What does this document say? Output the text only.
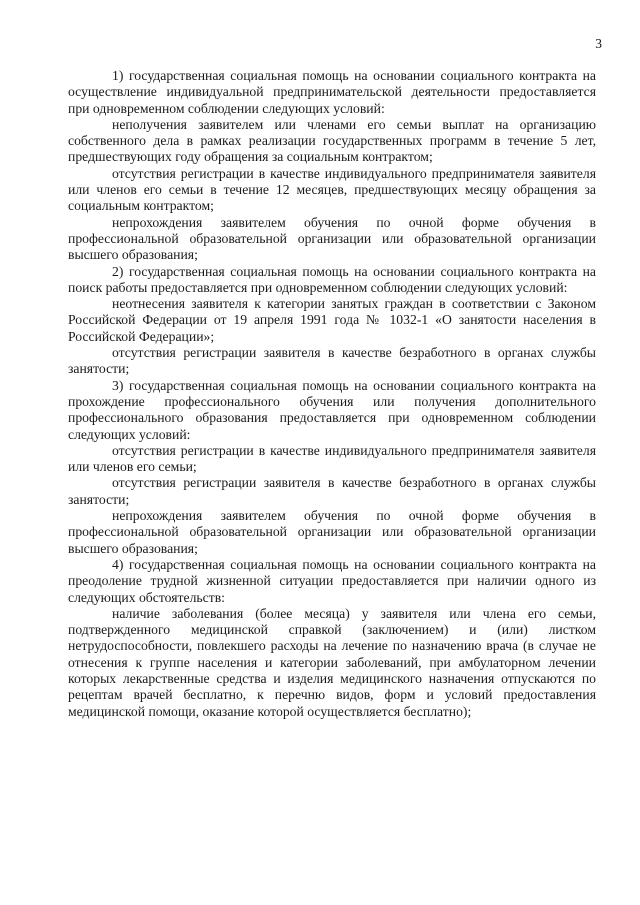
3

1) государственная социальная помощь на основании социального контракта на осуществление индивидуальной предпринимательской деятельности предоставляется при одновременном соблюдении следующих условий:

неполучения заявителем или членами его семьи выплат на организацию собственного дела в рамках реализации государственных программ в течение 5 лет, предшествующих году обращения за социальным контрактом;

отсутствия регистрации в качестве индивидуального предпринимателя заявителя или членов его семьи в течение 12 месяцев, предшествующих месяцу обращения за социальным контрактом;

непрохождения заявителем обучения по очной форме обучения в профессиональной образовательной организации или образовательной организации высшего образования;

2) государственная социальная помощь на основании социального контракта на поиск работы предоставляется при одновременном соблюдении следующих условий:

неотнесения заявителя к категории занятых граждан в соответствии с Законом Российской Федерации от 19 апреля 1991 года № 1032-1 «О занятости населения в Российской Федерации»;

отсутствия регистрации заявителя в качестве безработного в органах службы занятости;

3) государственная социальная помощь на основании социального контракта на прохождение профессионального обучения или получения дополнительного профессионального образования предоставляется при одновременном соблюдении следующих условий:

отсутствия регистрации в качестве индивидуального предпринимателя заявителя или членов его семьи;

отсутствия регистрации заявителя в качестве безработного в органах службы занятости;

непрохождения заявителем обучения по очной форме обучения в профессиональной образовательной организации или образовательной организации высшего образования;

4) государственная социальная помощь на основании социального контракта на преодоление трудной жизненной ситуации предоставляется при наличии одного из следующих обстоятельств:

наличие заболевания (более месяца) у заявителя или члена его семьи, подтвержденного медицинской справкой (заключением) и (или) листком нетрудоспособности, повлекшего расходы на лечение по назначению врача (в случае не отнесения к группе населения и категории заболеваний, при амбулаторном лечении которых лекарственные средства и изделия медицинского назначения отпускаются по рецептам врачей бесплатно, к перечню видов, форм и условий предоставления медицинской помощи, оказание которой осуществляется бесплатно);
